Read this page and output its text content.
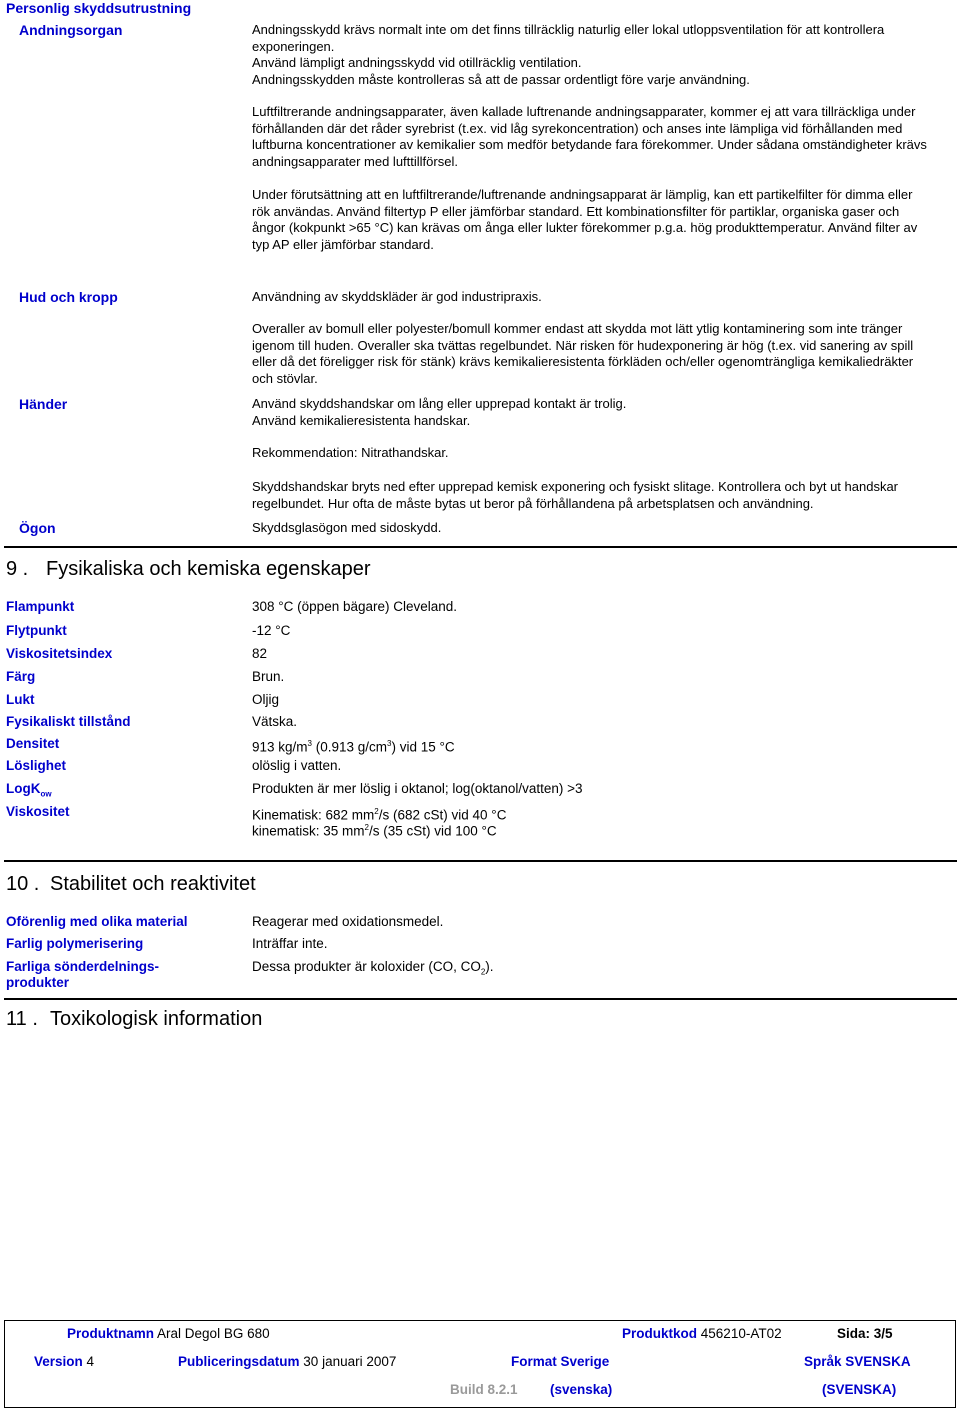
Personlig skyddsutrustning
Andningsorgan	Andningsskydd krävs normalt inte om det finns tillräcklig naturlig eller lokal utloppsventilation för att kontrollera exponeringen.
Använd lämpligt andningsskydd vid otillräcklig ventilation.
Andningsskydden måste kontrolleras så att de passar ordentligt före varje användning.
Luftfiltrerande andningsapparater, även kallade luftrenande andningsapparater, kommer ej att vara tillräckliga under förhållanden där det råder syrebrist (t.ex. vid låg syrekoncentration) och anses inte lämpliga vid förhållanden med luftburna koncentrationer av kemikalier som medför betydande fara förekommer. Under sådana omständigheter krävs andningsapparater med lufttillförsel.
Under förutsättning att en luftfiltrerande/luftrenande andningsapparat är lämplig, kan ett partikelfilter för dimma eller rök användas. Använd filtertyp P eller jämförbar standard. Ett kombinationsfilter för partiklar, organiska gaser och ångor (kokpunkt >65 °C) kan krävas om ånga eller lukter förekommer p.g.a. hög produkttemperatur. Använd filter av typ AP eller jämförbar standard.
Hud och kropp	Användning av skyddskläder är god industripraxis.
Overaller av bomull eller polyester/bomull kommer endast att skydda mot lätt ytlig kontaminering som inte tränger igenom till huden. Overaller ska tvättas regelbundet. När risken för hudexponering är hög (t.ex. vid sanering av spill eller då det föreligger risk för stänk) krävs kemikalieresistenta förkläden och/eller ogenomträngliga kemikaliedräkter och stövlar.
Händer	Använd skyddshandskar om lång eller upprepad kontakt är trolig.
Använd kemikalieresistenta handskar.
Rekommendation: Nitrathandskar.
Skyddshandskar bryts ned efter upprepad kemisk exponering och fysiskt slitage. Kontrollera och byt ut handskar regelbundet. Hur ofta de måste bytas ut beror på förhållandena på arbetsplatsen och användning.
Ögon	Skyddsglasögon med sidoskydd.
9 . Fysikaliska och kemiska egenskaper
Flampunkt	308 °C (öppen bägare) Cleveland.
Flytpunkt	-12 °C
Viskositetsindex	82
Färg	Brun.
Lukt	Oljig
Fysikaliskt tillstånd	Vätska.
Densitet	913 $kg/m^3$ (0.913 $g/cm^3$) vid 15 °C
Löslighet	olöslig i vatten.
LogK$_{ow}$	Produkten är mer löslig i oktanol; log(oktanol/vatten) >3
Viskositet	Kinematisk: 682 $mm^2/s$ (682 cSt) vid 40 °C
kinematisk: 35 $mm^2/s$ (35 cSt) vid 100 °C
10 . Stabilitet och reaktivitet
Oförenlig med olika material	Reagerar med oxidationsmedel.
Farlig polymerisering	Inträffar inte.
Farliga sönderdelnings-
produkter
Dessa produkter är koloxider (CO, $CO_2$).
11 . Toxikologisk information
Produktnamn Aral Degol BG 680	Produktkod 456210-AT02	Sida: 3/5
Version 4	Publiceringsdatum 30 januari 2007	Format Sverige	Språk SVENSKA
Build 8.2.1 (svenska)	(SVENSKA)
